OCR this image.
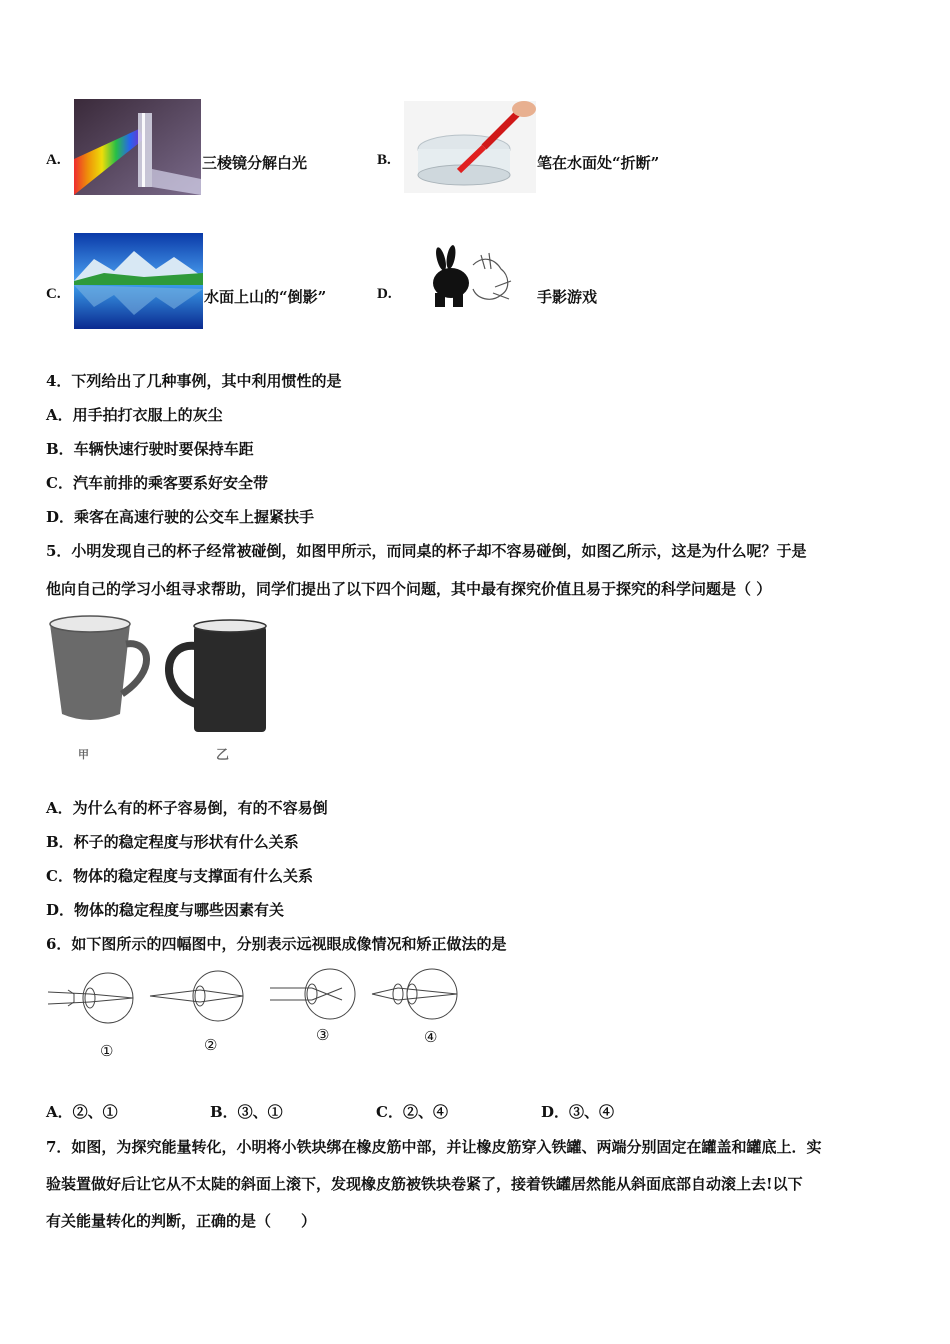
A.	三棱镜分解白光	B.	笔在水面处“折断”
C.	水面上山的“倒影”	D.	手影游戏
4．下列给出了几种事例，其中利用惯性的是
A．用手拍打衣服上的灰尘
B．车辆快速行驶时要保持车距
C．汽车前排的乘客要系好安全带
D．乘客在高速行驶的公交车上握紧扶手
5．小明发现自己的杯子经常被碰倒，如图甲所示，而同桌的杯子却不容易碰倒，如图乙所示，这是为什么呢？于是
他向自己的学习小组寻求帮助，同学们提出了以下四个问题，其中最有探究价值且易于探究的科学问题是（ ）
甲	乙
A．为什么有的杯子容易倒，有的不容易倒
B．杯子的稳定程度与形状有什么关系
C．物体的稳定程度与支撑面有什么关系
D．物体的稳定程度与哪些因素有关
6．如下图所示的四幅图中，分别表示远视眼成像情况和矫正做法的是
①	②
③	④
A．②、①	B．③、①	C．②、④	D．③、④
7．如图，为探究能量转化，小明将小铁块绑在橡皮筋中部，并让橡皮筋穿入铁罐、两端分别固定在罐盖和罐底上．实
验装置做好后让它从不太陡的斜面上滚下，发现橡皮筋被铁块卷紧了，接着铁罐居然能从斜面底部自动滚上去!以下
有关能量转化的判断，正确的是（　　）
